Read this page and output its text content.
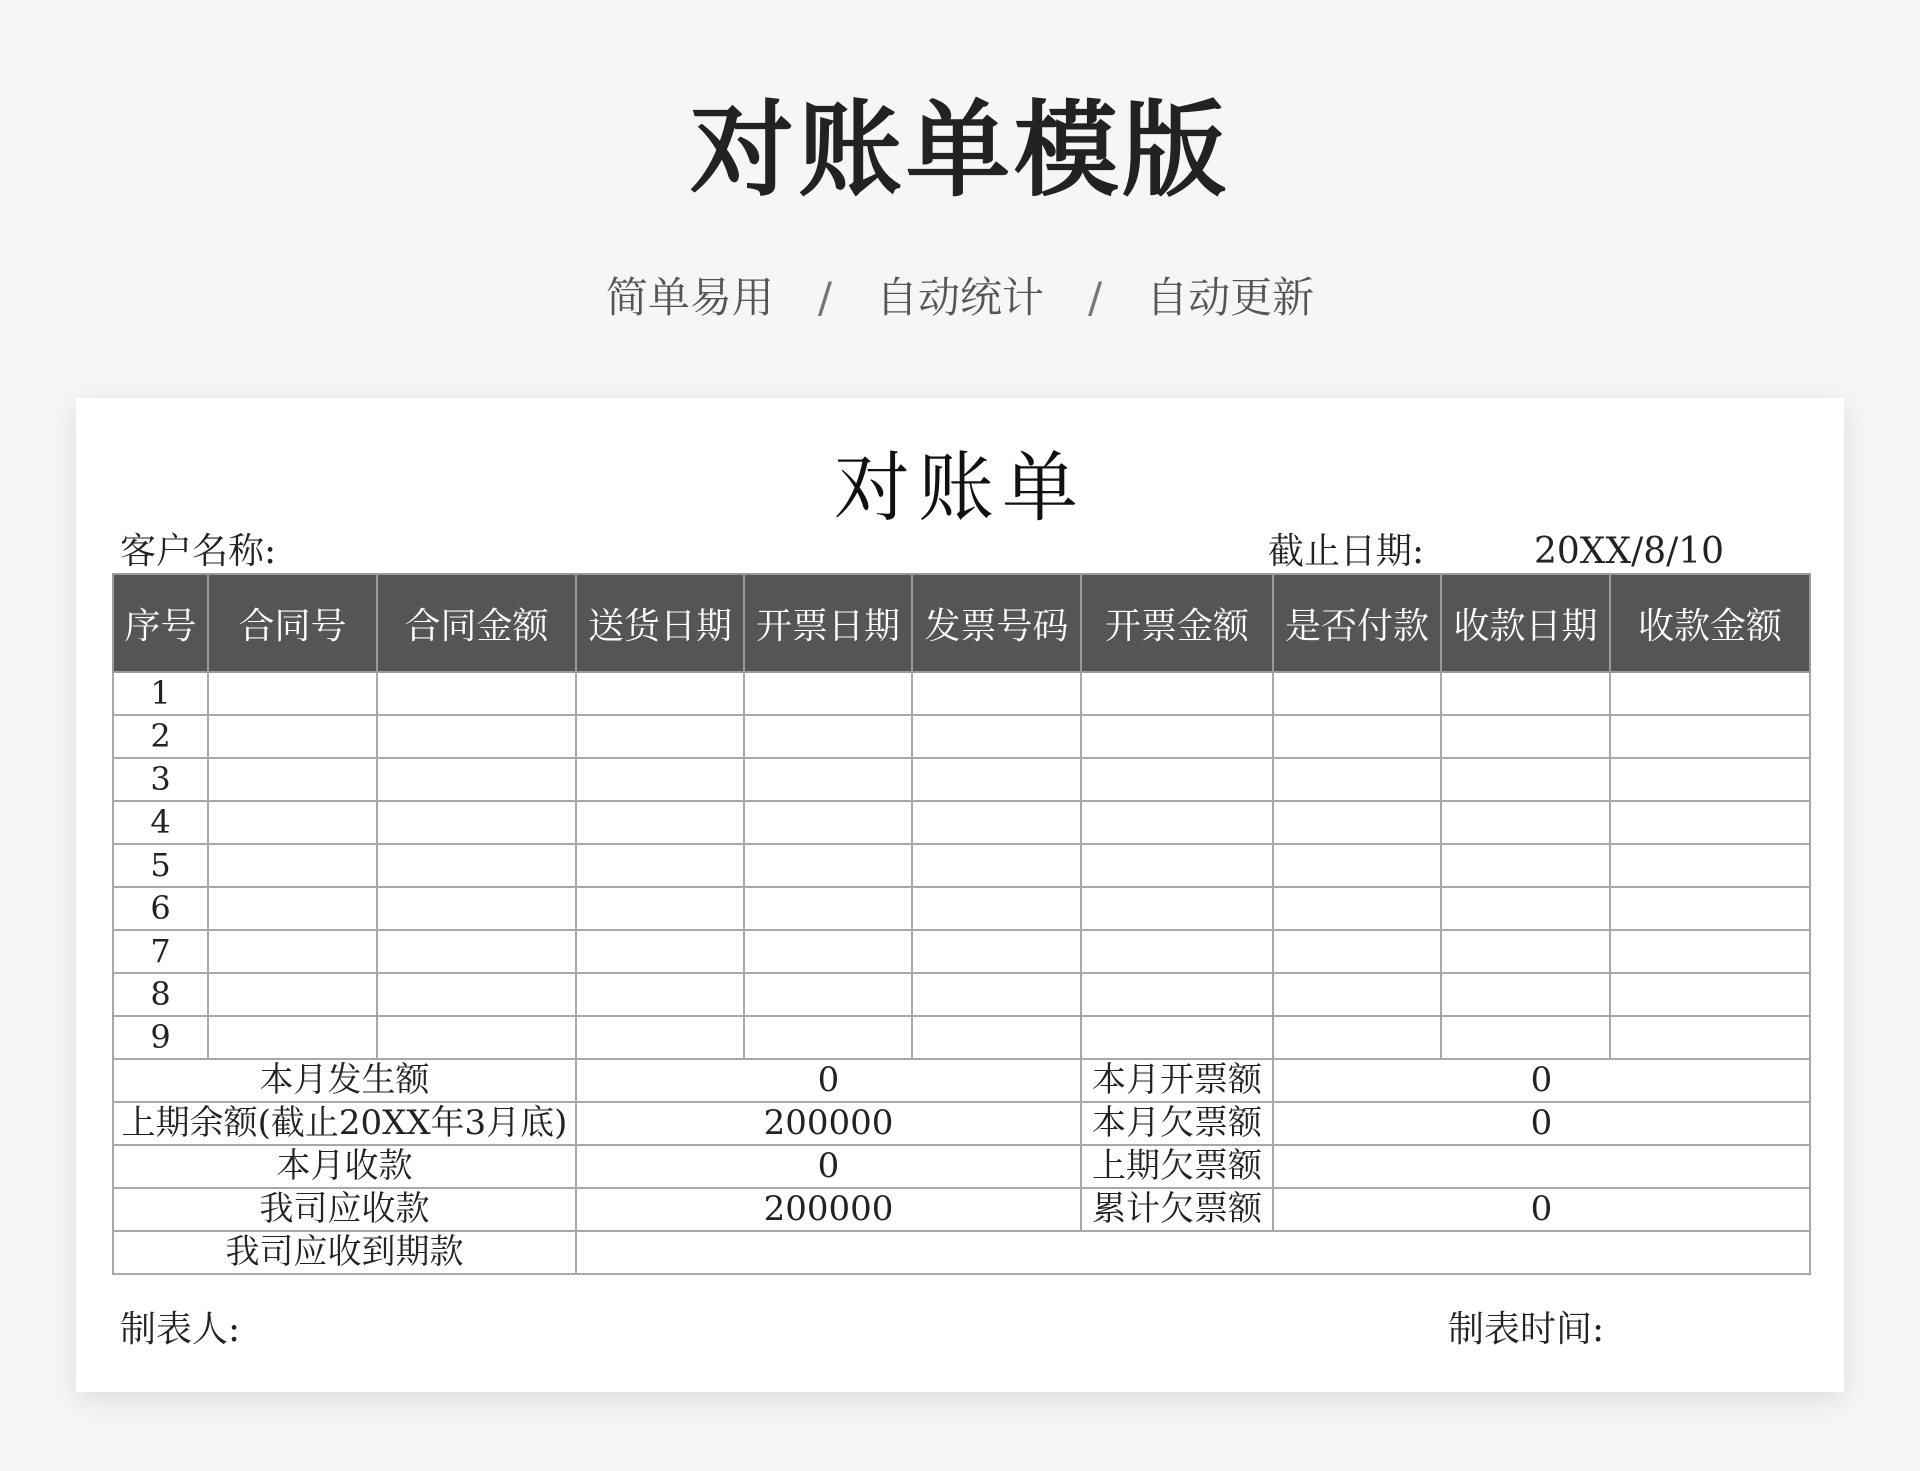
对账单模版
简单易用 / 自动统计 / 自动更新
对账单
客户名称:	截止日期:	20XX/8/10
序号	合同号	合同金额	送货日期	开票日期	发票号码	开票金额	是否付款	收款日期	收款金额
1									
2									
3									
4									
5									
6									
7									
8									
9									
本月发生额			0			本月开票额	0		
上期余额(截止20XX年3月底)			200000			本月欠票额	0		
本月收款			0			上期欠票额			
我司应收款			200000			累计欠票额	0		
我司应收到期款									
制表人:	制表时间:
